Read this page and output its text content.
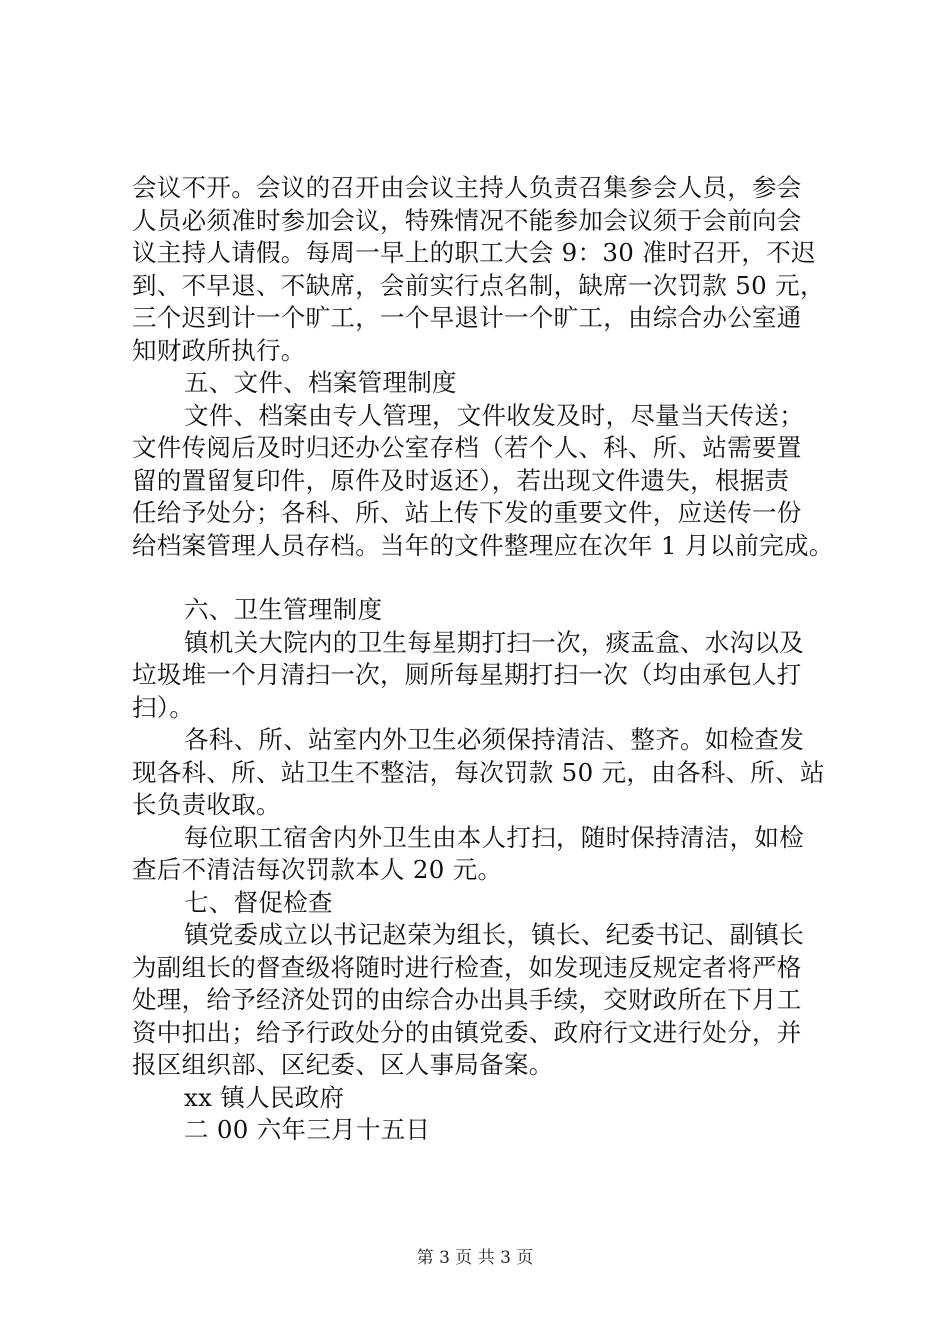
会议不开。会议的召开由会议主持人负责召集参会人员，参会
人员必须准时参加会议，特殊情况不能参加会议须于会前向会
议主持人请假。每周一早上的职工大会 9：30 准时召开，不迟
到、不早退、不缺席，会前实行点名制，缺席一次罚款 50 元，
三个迟到计一个旷工，一个早退计一个旷工，由综合办公室通
知财政所执行。
五、文件、档案管理制度
文件、档案由专人管理，文件收发及时，尽量当天传送；
文件传阅后及时归还办公室存档（若个人、科、所、站需要置
留的置留复印件，原件及时返还），若出现文件遗失，根据责
任给予处分；各科、所、站上传下发的重要文件，应送传一份
给档案管理人员存档。当年的文件整理应在次年 1 月以前完成。
六、卫生管理制度
镇机关大院内的卫生每星期打扫一次，痰盂盒、水沟以及
垃圾堆一个月清扫一次，厕所每星期打扫一次（均由承包人打
扫）。
各科、所、站室内外卫生必须保持清洁、整齐。如检查发
现各科、所、站卫生不整洁，每次罚款 50 元，由各科、所、站
长负责收取。
每位职工宿舍内外卫生由本人打扫，随时保持清洁，如检
查后不清洁每次罚款本人 20 元。
七、督促检查
镇党委成立以书记赵荣为组长，镇长、纪委书记、副镇长
为副组长的督查级将随时进行检查，如发现违反规定者将严格
处理，给予经济处罚的由综合办出具手续，交财政所在下月工
资中扣出；给予行政处分的由镇党委、政府行文进行处分，并
报区组织部、区纪委、区人事局备案。
xx 镇人民政府
二 00 六年三月十五日
第 3 页 共 3 页
